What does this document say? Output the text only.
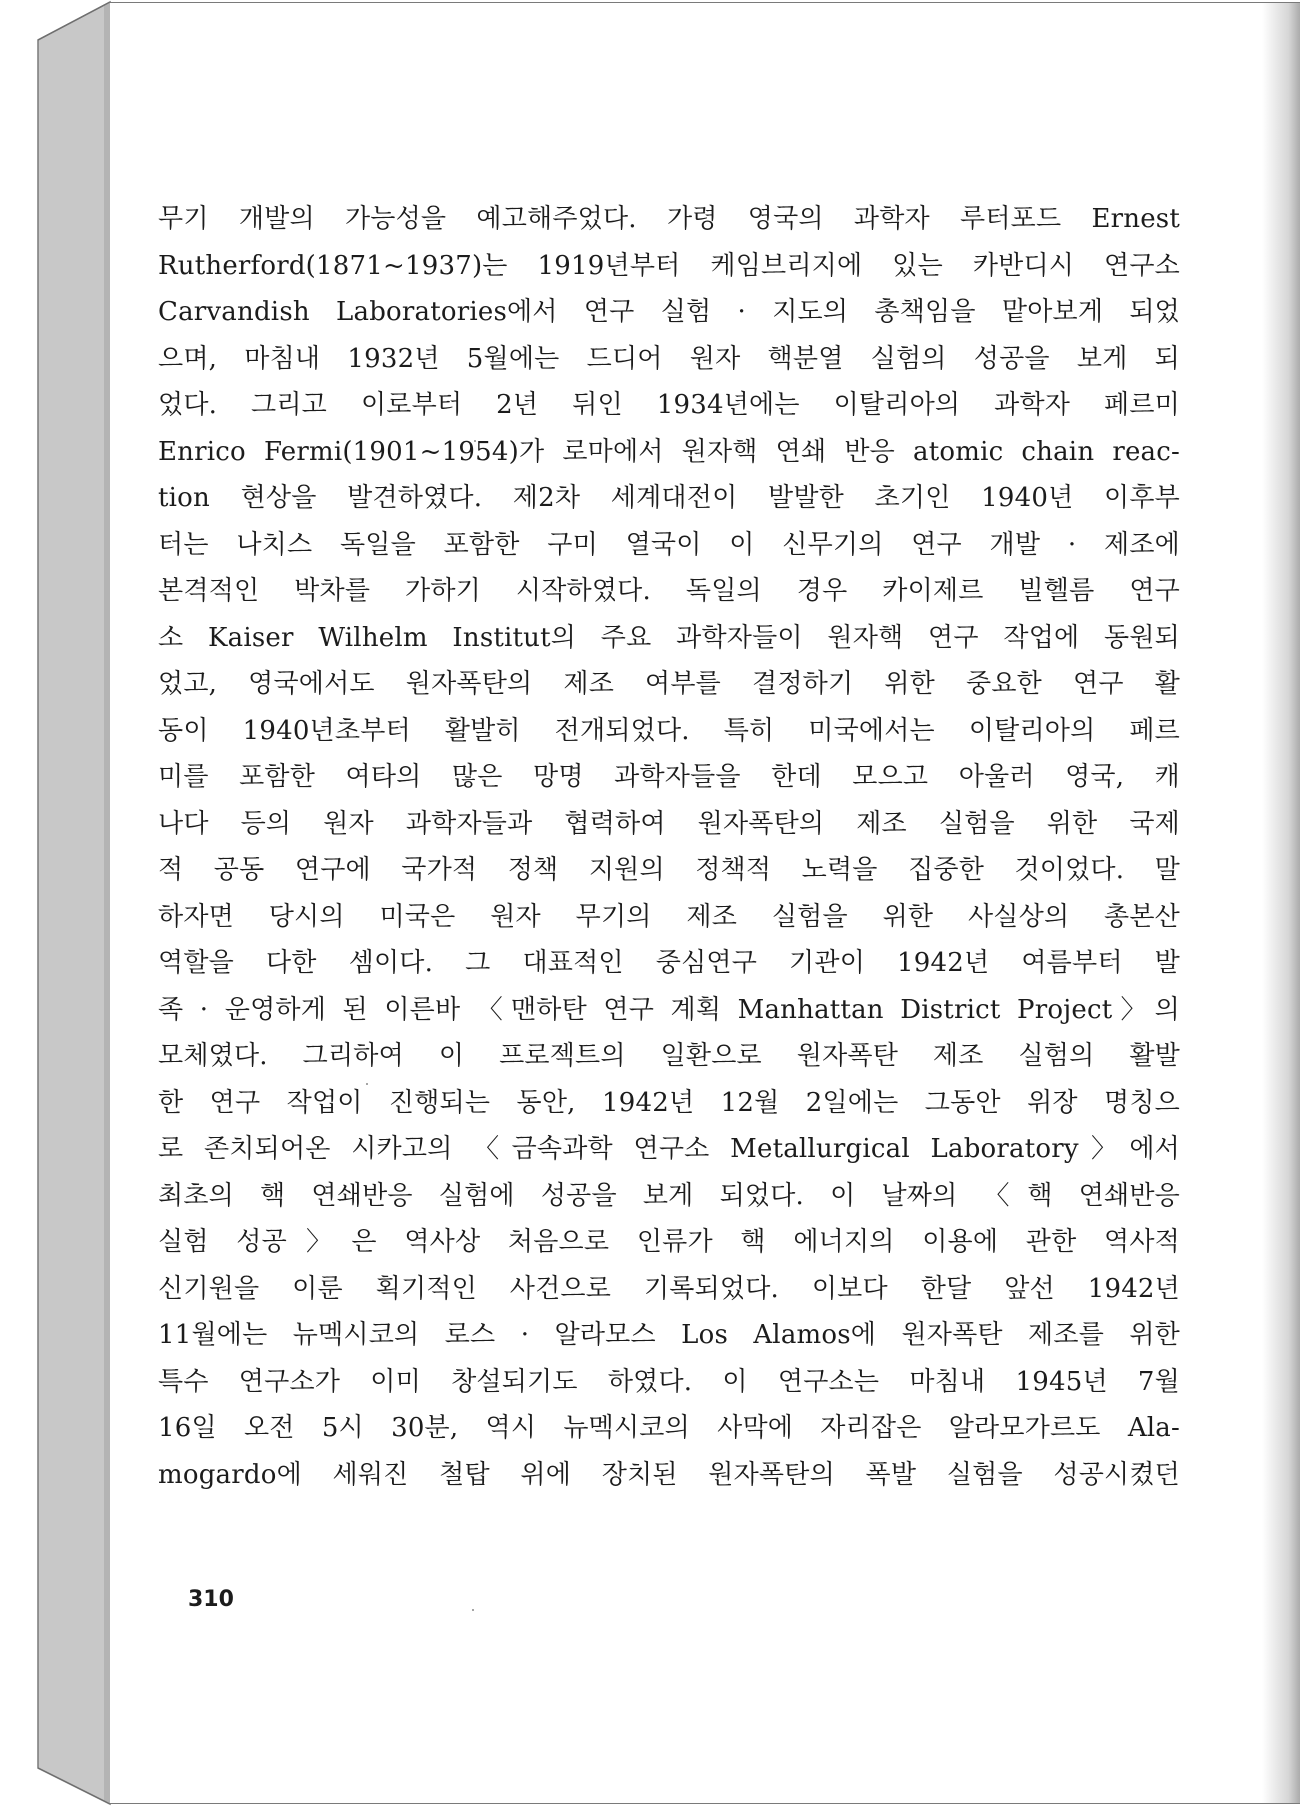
무기 개발의 가능성을 예고해주었다. 가령 영국의 과학자 루터포드 Ernest
Rutherford(1871~1937)는 1919년부터 케임브리지에 있는 카반디시 연구소
Carvandish Laboratories에서 연구 실험 · 지도의 총책임을 맡아보게 되었
으며, 마침내 1932년 5월에는 드디어 원자 핵분열 실험의 성공을 보게 되
었다. 그리고 이로부터 2년 뒤인 1934년에는 이탈리아의 과학자 페르미
Enrico Fermi(1901~1954)가 로마에서 원자핵 연쇄 반응 atomic chain reac-
tion 현상을 발견하였다. 제2차 세계대전이 발발한 초기인 1940년 이후부
터는 나치스 독일을 포함한 구미 열국이 이 신무기의 연구 개발 · 제조에
본격적인 박차를 가하기 시작하였다. 독일의 경우 카이제르 빌헬름 연구
소 Kaiser Wilhelm Institut의 주요 과학자들이 원자핵 연구 작업에 동원되
었고, 영국에서도 원자폭탄의 제조 여부를 결정하기 위한 중요한 연구 활
동이 1940년초부터 활발히 전개되었다. 특히 미국에서는 이탈리아의 페르
미를 포함한 여타의 많은 망명 과학자들을 한데 모으고 아울러 영국, 캐
나다 등의 원자 과학자들과 협력하여 원자폭탄의 제조 실험을 위한 국제
적 공동 연구에 국가적 정책 지원의 정책적 노력을 집중한 것이었다. 말
하자면 당시의 미국은 원자 무기의 제조 실험을 위한 사실상의 총본산
역할을 다한 셈이다. 그 대표적인 중심연구 기관이 1942년 여름부터 발
족 · 운영하게 된 이른바 〈맨하탄 연구 계획 Manhattan District Project〉의
모체였다. 그리하여 이 프로젝트의 일환으로 원자폭탄 제조 실험의 활발
한 연구 작업이 진행되는 동안, 1942년 12월 2일에는 그동안 위장 명칭으
로 존치되어온 시카고의 〈금속과학 연구소 Metallurgical Laboratory〉에서
최초의 핵 연쇄반응 실험에 성공을 보게 되었다. 이 날짜의 〈핵 연쇄반응
실험 성공〉은 역사상 처음으로 인류가 핵 에너지의 이용에 관한 역사적
신기원을 이룬 획기적인 사건으로 기록되었다. 이보다 한달 앞선 1942년
11월에는 뉴멕시코의 로스 · 알라모스 Los Alamos에 원자폭탄 제조를 위한
특수 연구소가 이미 창설되기도 하였다. 이 연구소는 마침내 1945년 7월
16일 오전 5시 30분, 역시 뉴멕시코의 사막에 자리잡은 알라모가르도 Ala-
mogardo에 세워진 철탑 위에 장치된 원자폭탄의 폭발 실험을 성공시켰던
310
